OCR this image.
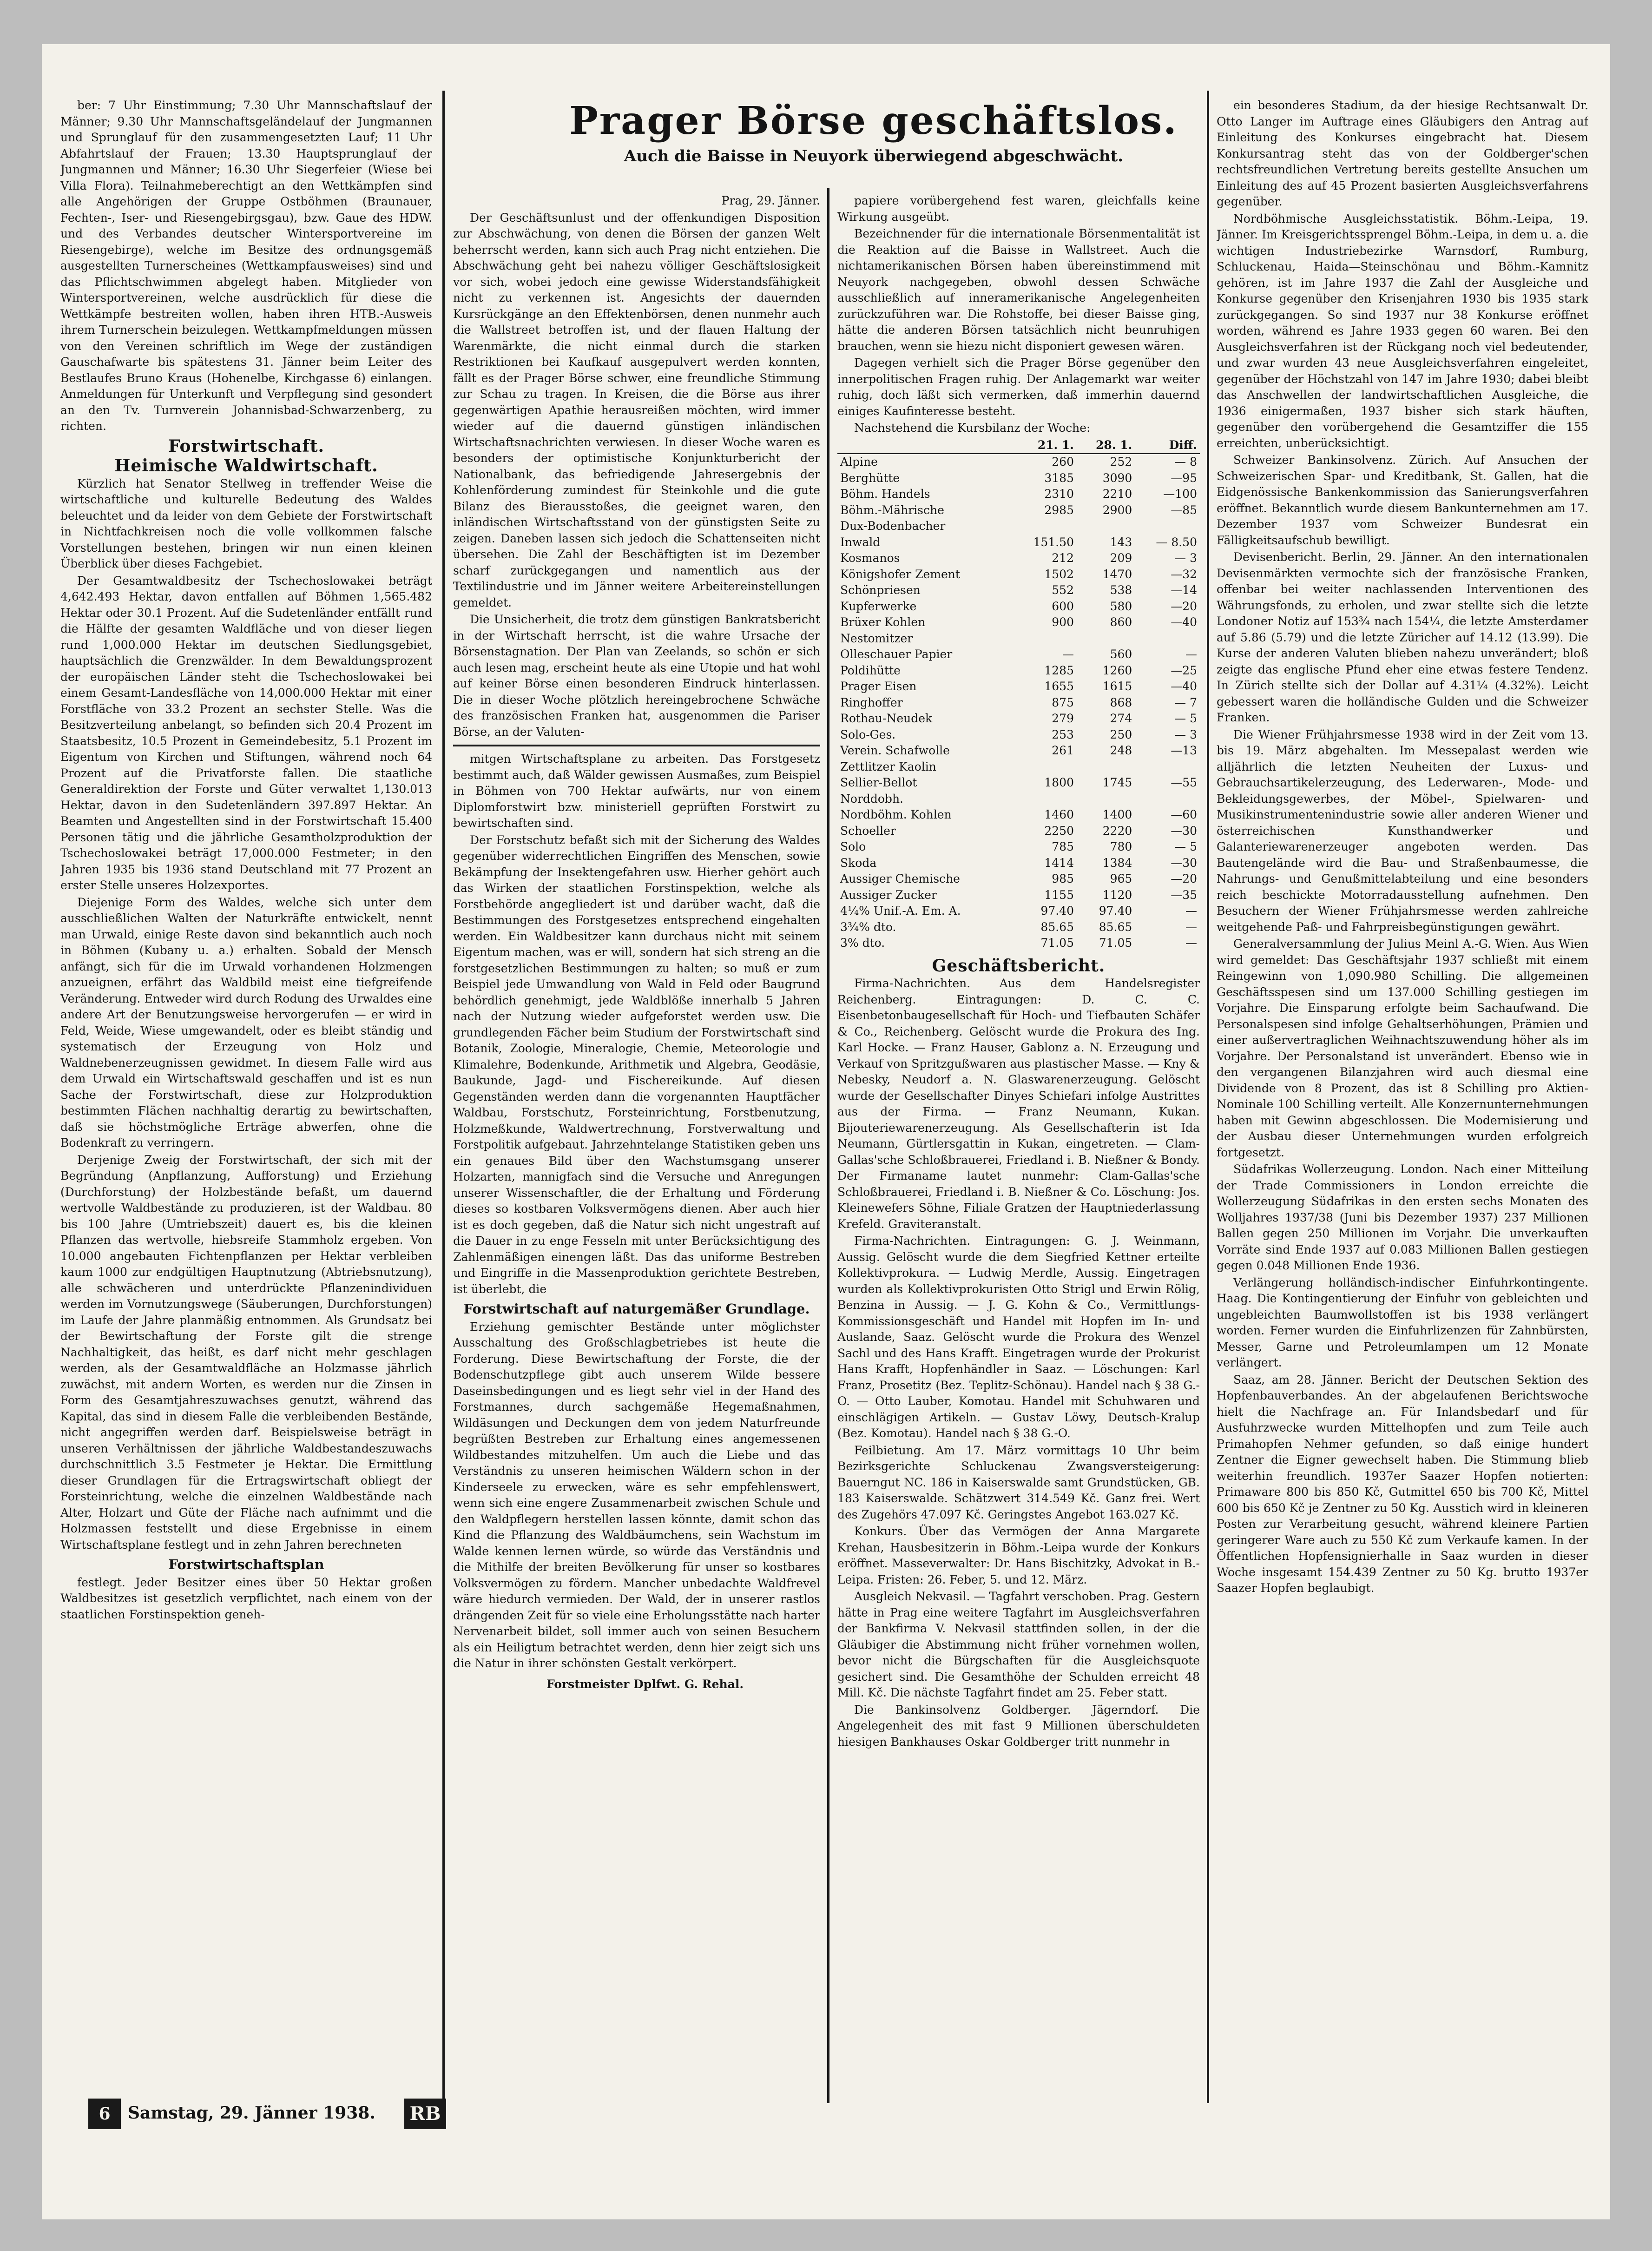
Prager Börse geschäftslos.

Auch die Baisse in Neuyork überwiegend abgeschwächt.

ber: 7 Uhr Einstimmung; 7.30 Uhr Mannschaftslauf der Männer; 9.30 Uhr Mannschaftsgeländelauf der Jungmannen und Sprunglauf für den zusammengesetzten Lauf; 11 Uhr Abfahrtslauf der Frauen; 13.30 Hauptsprunglauf der Jungmannen und Männer; 16.30 Uhr Siegerfeier (Wiese bei Villa Flora). Teilnahmeberechtigt an den Wettkämpfen sind alle Angehörigen der Gruppe Ostböhmen (Braunauer, Fechten-, Iser- und Riesengebirgsgau), bzw. Gaue des HDW. und des Verbandes deutscher Wintersportvereine im Riesengebirge), welche im Besitze des ordnungsgemäß ausgestellten Turnerscheines (Wettkampfausweises) sind und das Pflichtschwimmen abgelegt haben. Mitglieder von Wintersportvereinen, welche ausdrücklich für diese die Wettkämpfe bestreiten wollen, haben ihren HTB.-Ausweis ihrem Turnerschein beizulegen. Wettkampfmeldungen müssen von den Vereinen schriftlich im Wege der zuständigen Gauschafwarte bis spätestens 31. Jänner beim Leiter des Bestlaufes Bruno Kraus (Hohenelbe, Kirchgasse 6) einlangen. Anmeldungen für Unterkunft und Verpflegung sind gesondert an den Tv. Turnverein Johannisbad-Schwarzenberg, zu richten.

Forstwirtschaft.

Heimische Waldwirtschaft.

Kürzlich hat Senator Stellweg in treffender Weise die wirtschaftliche und kulturelle Bedeutung des Waldes beleuchtet und da leider von dem Gebiete der Forstwirtschaft in Nichtfachkreisen noch die volle vollkommen falsche Vorstellungen bestehen, bringen wir nun einen kleinen Überblick über dieses Fachgebiet.

Der Gesamtwaldbesitz der Tschechoslowakei beträgt 4,642.493 Hektar, davon entfallen auf Böhmen 1,565.482 Hektar oder 30.1 Prozent. Auf die Sudetenländer entfällt rund die Hälfte der gesamten Waldfläche und von dieser liegen rund 1,000.000 Hektar im deutschen Siedlungsgebiet, hauptsächlich die Grenzwälder. In dem Bewaldungsprozent der europäischen Länder steht die Tschechoslowakei bei einem Gesamt-Landesfläche von 14,000.000 Hektar mit einer Forstfläche von 33.2 Prozent an sechster Stelle. Was die Besitzverteilung anbelangt, so befinden sich 20.4 Prozent im Staatsbesitz, 10.5 Prozent in Gemeindebesitz, 5.1 Prozent im Eigentum von Kirchen und Stiftungen, während noch 64 Prozent auf die Privatforste fallen. Die staatliche Generaldirektion der Forste und Güter verwaltet 1,130.013 Hektar, davon in den Sudetenländern 397.897 Hektar. An Beamten und Angestellten sind in der Forstwirtschaft 15.400 Personen tätig und die jährliche Gesamtholzproduktion der Tschechoslowakei beträgt 17,000.000 Festmeter; in den Jahren 1935 bis 1936 stand Deutschland mit 77 Prozent an erster Stelle unseres Holzexportes.

Diejenige Form des Waldes, welche sich unter dem ausschließlichen Walten der Naturkräfte entwickelt, nennt man Urwald, einige Reste davon sind bekanntlich auch noch in Böhmen (Kubany u. a.) erhalten. Sobald der Mensch anfängt, sich für die im Urwald vorhandenen Holzmengen anzueignen, erfährt das Waldbild meist eine tiefgreifende Veränderung. Entweder wird durch Rodung des Urwaldes eine andere Art der Benutzungsweise hervorgerufen — er wird in Feld, Weide, Wiese umgewandelt, oder es bleibt ständig und systematisch der Erzeugung von Holz und Waldnebenerzeugnissen gewidmet. In diesem Falle wird aus dem Urwald ein Wirtschaftswald geschaffen und ist es nun Sache der Forstwirtschaft, diese zur Holzproduktion bestimmten Flächen nachhaltig derartig zu bewirtschaften, daß sie höchstmögliche Erträge abwerfen, ohne die Bodenkraft zu verringern.

Derjenige Zweig der Forstwirtschaft, der sich mit der Begründung (Anpflanzung, Aufforstung) und Erziehung (Durchforstung) der Holzbestände befaßt, um dauernd wertvolle Waldbestände zu produzieren, ist der Waldbau. 80 bis 100 Jahre (Umtriebszeit) dauert es, bis die kleinen Pflanzen das wertvolle, hiebsreife Stammholz ergeben. Von 10.000 angebauten Fichtenpflanzen per Hektar verbleiben kaum 1000 zur endgültigen Hauptnutzung (Abtriebsnutzung), alle schwächeren und unterdrückte Pflanzenindividuen werden im Vornutzungswege (Säuberungen, Durchforstungen) im Laufe der Jahre planmäßig entnommen. Als Grundsatz bei der Bewirtschaftung der Forste gilt die strenge Nachhaltigkeit, das heißt, es darf nicht mehr geschlagen werden, als der Gesamtwaldfläche an Holzmasse jährlich zuwächst, mit andern Worten, es werden nur die Zinsen in Form des Gesamtjahreszuwachses genutzt, während das Kapital, das sind in diesem Falle die verbleibenden Bestände, nicht angegriffen werden darf. Beispielsweise beträgt in unseren Verhältnissen der jährliche Waldbestandeszuwachs durchschnittlich 3.5 Festmeter je Hektar. Die Ermittlung dieser Grundlagen für die Ertragswirtschaft obliegt der Forsteinrichtung, welche die einzelnen Waldbestände nach Alter, Holzart und Güte der Fläche nach aufnimmt und die Holzmassen feststellt und diese Ergebnisse in einem Wirtschaftsplane festlegt und in zehn Jahren berechneten

Forstwirtschaftsplan

festlegt. Jeder Besitzer eines über 50 Hektar großen Waldbesitzes ist gesetzlich verpflichtet, nach einem von der staatlichen Forstinspektion geneh-

Prag, 29. Jänner.

Der Geschäftsunlust und der offenkundigen Disposition zur Abschwächung, von denen die Börsen der ganzen Welt beherrscht werden, kann sich auch Prag nicht entziehen. Die Abschwächung geht bei nahezu völliger Geschäftslosigkeit vor sich, wobei jedoch eine gewisse Widerstandsfähigkeit nicht zu verkennen ist. Angesichts der dauernden Kursrückgänge an den Effektenbörsen, denen nunmehr auch die Wallstreet betroffen ist, und der flauen Haltung der Warenmärkte, die nicht einmal durch die starken Restriktionen bei Kaufkauf ausgepulvert werden konnten, fällt es der Prager Börse schwer, eine freundliche Stimmung zur Schau zu tragen. In Kreisen, die die Börse aus ihrer gegenwärtigen Apathie herausreißen möchten, wird immer wieder auf die dauernd günstigen inländischen Wirtschaftsnachrichten verwiesen. In dieser Woche waren es besonders der optimistische Konjunkturbericht der Nationalbank, das befriedigende Jahresergebnis der Kohlenförderung zumindest für Steinkohle und die gute Bilanz des Bierausstoßes, die geeignet waren, den inländischen Wirtschaftsstand von der günstigsten Seite zu zeigen. Daneben lassen sich jedoch die Schattenseiten nicht übersehen. Die Zahl der Beschäftigten ist im Dezember scharf zurückgegangen und namentlich aus der Textilindustrie und im Jänner weitere Arbeitereinstellungen gemeldet.

Die Unsicherheit, die trotz dem günstigen Bankratsbericht in der Wirtschaft herrscht, ist die wahre Ursache der Börsenstagnation. Der Plan van Zeelands, so schön er sich auch lesen mag, erscheint heute als eine Utopie und hat wohl auf keiner Börse einen besonderen Eindruck hinterlassen. Die in dieser Woche plötzlich hereingebrochene Schwäche des französischen Franken hat, ausgenommen die Pariser Börse, an der Valuten-

mitgen Wirtschaftsplane zu arbeiten. Das Forstgesetz bestimmt auch, daß Wälder gewissen Ausmaßes, zum Beispiel in Böhmen von 700 Hektar aufwärts, nur von einem Diplomforstwirt bzw. ministeriell geprüften Forstwirt zu bewirtschaften sind.

Der Forstschutz befaßt sich mit der Sicherung des Waldes gegenüber widerrechtlichen Eingriffen des Menschen, sowie Bekämpfung der Insektengefahren usw. Hierher gehört auch das Wirken der staatlichen Forstinspektion, welche als Forstbehörde angegliedert ist und darüber wacht, daß die Bestimmungen des Forstgesetzes entsprechend eingehalten werden. Ein Waldbesitzer kann durchaus nicht mit seinem Eigentum machen, was er will, sondern hat sich streng an die forstgesetzlichen Bestimmungen zu halten; so muß er zum Beispiel jede Umwandlung von Wald in Feld oder Baugrund behördlich genehmigt, jede Waldblöße innerhalb 5 Jahren nach der Nutzung wieder aufgeforstet werden usw. Die grundlegenden Fächer beim Studium der Forstwirtschaft sind Botanik, Zoologie, Mineralogie, Chemie, Meteorologie und Klimalehre, Bodenkunde, Arithmetik und Algebra, Geodäsie, Baukunde, Jagd- und Fischereikunde. Auf diesen Gegenständen werden dann die vorgenannten Hauptfächer Waldbau, Forstschutz, Forsteinrichtung, Forstbenutzung, Holzmeßkunde, Waldwertrechnung, Forstverwaltung und Forstpolitik aufgebaut. Jahrzehntelange Statistiken geben uns ein genaues Bild über den Wachstumsgang unserer Holzarten, mannigfach sind die Versuche und Anregungen unserer Wissenschaftler, die der Erhaltung und Förderung dieses so kostbaren Volksvermögens dienen. Aber auch hier ist es doch gegeben, daß die Natur sich nicht ungestraft auf die Dauer in zu enge Fesseln mit unter Berücksichtigung des Zahlenmäßigen einengen läßt. Das das uniforme Bestreben und Eingriffe in die Massenproduktion gerichtete Bestreben, ist überlebt, die

Forstwirtschaft auf naturgemäßer Grundlage.

Erziehung gemischter Bestände unter möglichster Ausschaltung des Großschlagbetriebes ist heute die Forderung. Diese Bewirtschaftung der Forste, die der Bodenschutzpflege gibt auch unserem Wilde bessere Daseinsbedingungen und es liegt sehr viel in der Hand des Forstmannes, durch sachgemäße Hegemaßnahmen, Wildäsungen und Deckungen dem von jedem Naturfreunde begrüßten Bestreben zur Erhaltung eines angemessenen Wildbestandes mitzuhelfen. Um auch die Liebe und das Verständnis zu unseren heimischen Wäldern schon in der Kinderseele zu erwecken, wäre es sehr empfehlenswert, wenn sich eine engere Zusammenarbeit zwischen Schule und den Waldpflegern herstellen lassen könnte, damit schon das Kind die Pflanzung des Waldbäumchens, sein Wachstum im Walde kennen lernen würde, so würde das Verständnis und die Mithilfe der breiten Bevölkerung für unser so kostbares Volksvermögen zu fördern. Mancher unbedachte Waldfrevel wäre hiedurch vermieden. Der Wald, der in unserer rastlos drängenden Zeit für so viele eine Erholungsstätte nach harter Nervenarbeit bildet, soll immer auch von seinen Besuchern als ein Heiligtum betrachtet werden, denn hier zeigt sich uns die Natur in ihrer schönsten Gestalt verkörpert.

Forstmeister Dplfwt. G. Rehal.

papiere vorübergehend fest waren, gleichfalls keine Wirkung ausgeübt.

Bezeichnender für die internationale Börsenmentalität ist die Reaktion auf die Baisse in Wallstreet. Auch die nichtamerikanischen Börsen haben übereinstimmend mit Neuyork nachgegeben, obwohl dessen Schwäche ausschließlich auf inneramerikanische Angelegenheiten zurückzuführen war. Die Rohstoffe, bei dieser Baisse ging, hätte die anderen Börsen tatsächlich nicht beunruhigen brauchen, wenn sie hiezu nicht disponiert gewesen wären.

Dagegen verhielt sich die Prager Börse gegenüber den innerpolitischen Fragen ruhig. Der Anlagemarkt war weiter ruhig, doch läßt sich vermerken, daß immerhin dauernd einiges Kaufinteresse besteht.

Nachstehend die Kursbilanz der Woche:

	21. 1.	28. 1.	Diff.
Alpine	260	252	— 8
Berghütte	3185	3090	—95
Böhm. Handels	2310	2210	—100
Böhm.-Mährische	2985	2900	—85
Dux-Bodenbacher			
Inwald	151.50	143	— 8.50
Kosmanos	212	209	— 3
Königshofer Zement	1502	1470	—32
Schönpriesen	552	538	—14
Kupferwerke	600	580	—20
Brüxer Kohlen	900	860	—40
Nestomitzer			
Olleschauer Papier	—	560	—
Poldihütte	1285	1260	—25
Prager Eisen	1655	1615	—40
Ringhoffer	875	868	— 7
Rothau-Neudek	279	274	— 5
Solo-Ges.	253	250	— 3
Verein. Schafwolle	261	248	—13
Zettlitzer Kaolin			
Sellier-Bellot	1800	1745	—55
Norddobh.			
Nordböhm. Kohlen	1460	1400	—60
Schoeller	2250	2220	—30
Solo	785	780	— 5
Skoda	1414	1384	—30
Aussiger Chemische	985	965	—20
Aussiger Zucker	1155	1120	—35
4¼% Unif.-A. Em. A.	97.40	97.40	—
3¾% dto.	85.65	85.65	—
3% dto.	71.05	71.05	—

Geschäftsbericht.

Firma-Nachrichten. Aus dem Handelsregister Reichenberg. Eintragungen: D. C. C. Eisenbetonbaugesellschaft für Hoch- und Tiefbauten Schäfer & Co., Reichenberg. Gelöscht wurde die Prokura des Ing. Karl Hocke. — Franz Hauser, Gablonz a. N. Erzeugung und Verkauf von Spritzgußwaren aus plastischer Masse. — Kny & Nebesky, Neudorf a. N. Glaswarenerzeugung. Gelöscht wurde der Gesellschafter Dinyes Schiefari infolge Austrittes aus der Firma. — Franz Neumann, Kukan. Bijouteriewarenerzeugung. Als Gesellschafterin ist Ida Neumann, Gürtlersgattin in Kukan, eingetreten. — Clam-Gallas'sche Schloßbrauerei, Friedland i. B. Nießner & Bondy. Der Firmaname lautet nunmehr: Clam-Gallas'sche Schloßbrauerei, Friedland i. B. Nießner & Co. Löschung: Jos. Kleinewefers Söhne, Filiale Gratzen der Hauptniederlassung Krefeld. Graviteranstalt.

Firma-Nachrichten. Eintragungen: G. J. Weinmann, Aussig. Gelöscht wurde die dem Siegfried Kettner erteilte Kollektivprokura. — Ludwig Merdle, Aussig. Eingetragen wurden als Kollektivprokuristen Otto Strigl und Erwin Rölig, Benzina in Aussig. — J. G. Kohn & Co., Vermittlungs-Kommissionsgeschäft und Handel mit Hopfen im In- und Auslande, Saaz. Gelöscht wurde die Prokura des Wenzel Sachl und des Hans Krafft. Eingetragen wurde der Prokurist Hans Krafft, Hopfenhändler in Saaz. — Löschungen: Karl Franz, Prosetitz (Bez. Teplitz-Schönau). Handel nach § 38 G.-O. — Otto Lauber, Komotau. Handel mit Schuhwaren und einschlägigen Artikeln. — Gustav Löwy, Deutsch-Kralup (Bez. Komotau). Handel nach § 38 G.-O.

Feilbietung. Am 17. März vormittags 10 Uhr beim Bezirksgerichte Schluckenau Zwangsversteigerung: Bauerngut NC. 186 in Kaiserswalde samt Grundstücken, GB. 183 Kaiserswalde. Schätzwert 314.549 Kč. Ganz frei. Wert des Zugehörs 47.097 Kč. Geringstes Angebot 163.027 Kč.

Konkurs. Über das Vermögen der Anna Margarete Krehan, Hausbesitzerin in Böhm.-Leipa wurde der Konkurs eröffnet. Masseverwalter: Dr. Hans Bischitzky, Advokat in B.-Leipa. Fristen: 26. Feber, 5. und 12. März.

Ausgleich Nekvasil. — Tagfahrt verschoben. Prag. Gestern hätte in Prag eine weitere Tagfahrt im Ausgleichsverfahren der Bankfirma V. Nekvasil stattfinden sollen, in der die Gläubiger die Abstimmung nicht früher vornehmen wollen, bevor nicht die Bürgschaften für die Ausgleichsquote gesichert sind. Die Gesamthöhe der Schulden erreicht 48 Mill. Kč. Die nächste Tagfahrt findet am 25. Feber statt.

Die Bankinsolvenz Goldberger. Jägerndorf. Die Angelegenheit des mit fast 9 Millionen überschuldeten hiesigen Bankhauses Oskar Goldberger tritt nunmehr in

ein besonderes Stadium, da der hiesige Rechtsanwalt Dr. Otto Langer im Auftrage eines Gläubigers den Antrag auf Einleitung des Konkurses eingebracht hat. Diesem Konkursantrag steht das von der Goldberger'schen rechtsfreundlichen Vertretung bereits gestellte Ansuchen um Einleitung des auf 45 Prozent basierten Ausgleichsverfahrens gegenüber.

Nordböhmische Ausgleichsstatistik. Böhm.-Leipa, 19. Jänner. Im Kreisgerichtssprengel Böhm.-Leipa, in dem u. a. die wichtigen Industriebezirke Warnsdorf, Rumburg, Schluckenau, Haida—Steinschönau und Böhm.-Kamnitz gehören, ist im Jahre 1937 die Zahl der Ausgleiche und Konkurse gegenüber den Krisenjahren 1930 bis 1935 stark zurückgegangen. So sind 1937 nur 38 Konkurse eröffnet worden, während es Jahre 1933 gegen 60 waren. Bei den Ausgleichsverfahren ist der Rückgang noch viel bedeutender, und zwar wurden 43 neue Ausgleichsverfahren eingeleitet, gegenüber der Höchstzahl von 147 im Jahre 1930; dabei bleibt das Anschwellen der landwirtschaftlichen Ausgleiche, die 1936 einigermaßen, 1937 bisher sich stark häuften, gegenüber den vorübergehend die Gesamtziffer die 155 erreichten, unberücksichtigt.

Schweizer Bankinsolvenz. Zürich. Auf Ansuchen der Schweizerischen Spar- und Kreditbank, St. Gallen, hat die Eidgenössische Bankenkommission das Sanierungsverfahren eröffnet. Bekanntlich wurde diesem Bankunternehmen am 17. Dezember 1937 vom Schweizer Bundesrat ein Fälligkeitsaufschub bewilligt.

Devisenbericht. Berlin, 29. Jänner. An den internationalen Devisenmärkten vermochte sich der französische Franken, offenbar bei weiter nachlassenden Interventionen des Währungsfonds, zu erholen, und zwar stellte sich die letzte Londoner Notiz auf 153¾ nach 154¼, die letzte Amsterdamer auf 5.86 (5.79) und die letzte Züricher auf 14.12 (13.99). Die Kurse der anderen Valuten blieben nahezu unverändert; bloß zeigte das englische Pfund eher eine etwas festere Tendenz. In Zürich stellte sich der Dollar auf 4.31¼ (4.32%). Leicht gebessert waren die holländische Gulden und die Schweizer Franken.

Die Wiener Frühjahrsmesse 1938 wird in der Zeit vom 13. bis 19. März abgehalten. Im Messepalast werden wie alljährlich die letzten Neuheiten der Luxus- und Gebrauchsartikelerzeugung, des Lederwaren-, Mode- und Bekleidungsgewerbes, der Möbel-, Spielwaren- und Musikinstrumentenindustrie sowie aller anderen Wiener und österreichischen Kunsthandwerker und Galanteriewarenerzeuger angeboten werden. Das Bautengelände wird die Bau- und Straßenbaumesse, die Nahrungs- und Genußmittelabteilung und eine besonders reich beschickte Motorradausstellung aufnehmen. Den Besuchern der Wiener Frühjahrsmesse werden zahlreiche weitgehende Paß- und Fahrpreisbegünstigungen gewährt.

Generalversammlung der Julius Meinl A.-G. Wien. Aus Wien wird gemeldet: Das Geschäftsjahr 1937 schließt mit einem Reingewinn von 1,090.980 Schilling. Die allgemeinen Geschäftsspesen sind um 137.000 Schilling gestiegen im Vorjahre. Die Einsparung erfolgte beim Sachaufwand. Die Personalspesen sind infolge Gehaltserhöhungen, Prämien und einer außervertraglichen Weihnachtszuwendung höher als im Vorjahre. Der Personalstand ist unverändert. Ebenso wie in den vergangenen Bilanzjahren wird auch diesmal eine Dividende von 8 Prozent, das ist 8 Schilling pro Aktien-Nominale 100 Schilling verteilt. Alle Konzernunternehmungen haben mit Gewinn abgeschlossen. Die Modernisierung und der Ausbau dieser Unternehmungen wurden erfolgreich fortgesetzt.

Südafrikas Wollerzeugung. London. Nach einer Mitteilung der Trade Commissioners in London erreichte die Wollerzeugung Südafrikas in den ersten sechs Monaten des Wolljahres 1937/38 (Juni bis Dezember 1937) 237 Millionen Ballen gegen 250 Millionen im Vorjahr. Die unverkauften Vorräte sind Ende 1937 auf 0.083 Millionen Ballen gestiegen gegen 0.048 Millionen Ende 1936.

Verlängerung holländisch-indischer Einfuhrkontingente. Haag. Die Kontingentierung der Einfuhr von gebleichten und ungebleichten Baumwollstoffen ist bis 1938 verlängert worden. Ferner wurden die Einfuhrlizenzen für Zahnbürsten, Messer, Garne und Petroleumlampen um 12 Monate verlängert.

Saaz, am 28. Jänner. Bericht der Deutschen Sektion des Hopfenbauverbandes. An der abgelaufenen Berichtswoche hielt die Nachfrage an. Für Inlandsbedarf und für Ausfuhrzwecke wurden Mittelhopfen und zum Teile auch Primahopfen Nehmer gefunden, so daß einige hundert Zentner die Eigner gewechselt haben. Die Stimmung blieb weiterhin freundlich. 1937er Saazer Hopfen notierten: Primaware 800 bis 850 Kč, Gutmittel 650 bis 700 Kč, Mittel 600 bis 650 Kč je Zentner zu 50 Kg. Ausstich wird in kleineren Posten zur Verarbeitung gesucht, während kleinere Partien geringerer Ware auch zu 550 Kč zum Verkaufe kamen. In der Öffentlichen Hopfensignierhalle in Saaz wurden in dieser Woche insgesamt 154.439 Zentner zu 50 Kg. brutto 1937er Saazer Hopfen beglaubigt.

6	Samstag, 29. Jänner 1938. RB
